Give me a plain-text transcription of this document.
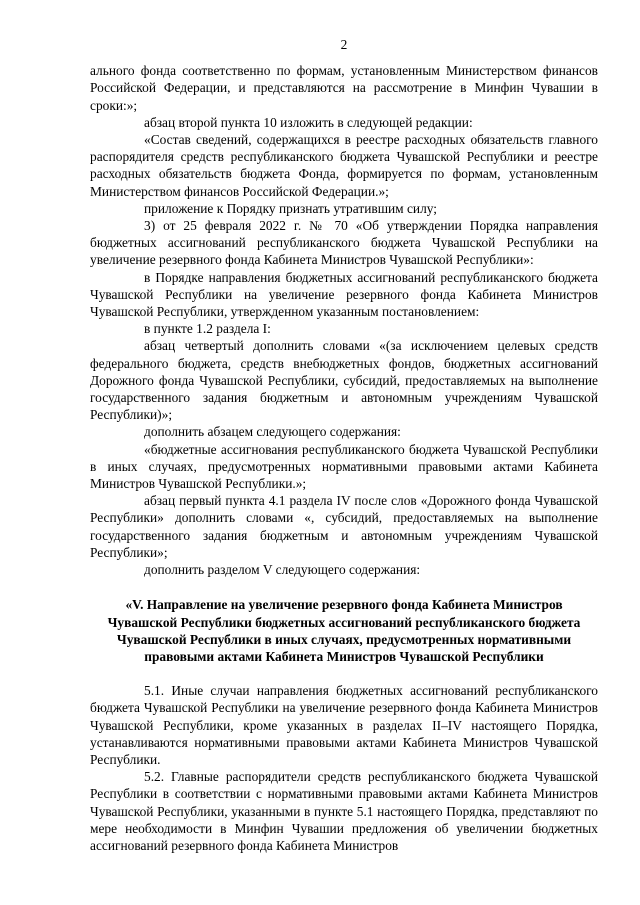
2

ального фонда соответственно по формам, установленным Министерством финансов Российской Федерации, и представляются на рассмотрение в Минфин Чувашии в сроки:»;

абзац второй пункта 10 изложить в следующей редакции:

«Состав сведений, содержащихся в реестре расходных обязательств главного распорядителя средств республиканского бюджета Чувашской Республики и реестре расходных обязательств бюджета Фонда, формируется по формам, установленным Министерством финансов Российской Федерации.»;

приложение к Порядку признать утратившим силу;

3) от 25 февраля 2022 г. № 70 «Об утверждении Порядка направления бюджетных ассигнований республиканского бюджета Чувашской Республики на увеличение резервного фонда Кабинета Министров Чувашской Республики»:

в Порядке направления бюджетных ассигнований республиканского бюджета Чувашской Республики на увеличение резервного фонда Кабинета Министров Чувашской Республики, утвержденном указанным постановлением:

в пункте 1.2 раздела I:

абзац четвертый дополнить словами «(за исключением целевых средств федерального бюджета, средств внебюджетных фондов, бюджетных ассигнований Дорожного фонда Чувашской Республики, субсидий, предоставляемых на выполнение государственного задания бюджетным и автономным учреждениям Чувашской Республики)»;

дополнить абзацем следующего содержания:

«бюджетные ассигнования республиканского бюджета Чувашской Республики в иных случаях, предусмотренных нормативными правовыми актами Кабинета Министров Чувашской Республики.»;

абзац первый пункта 4.1 раздела IV после слов «Дорожного фонда Чувашской Республики» дополнить словами «, субсидий, предоставляемых на выполнение государственного задания бюджетным и автономным учреждениям Чувашской Республики»;

дополнить разделом V следующего содержания:

«V. Направление на увеличение резервного фонда Кабинета Министров Чувашской Республики бюджетных ассигнований республиканского бюджета Чувашской Республики в иных случаях, предусмотренных нормативными правовыми актами Кабинета Министров Чувашской Республики

5.1. Иные случаи направления бюджетных ассигнований республиканского бюджета Чувашской Республики на увеличение резервного фонда Кабинета Министров Чувашской Республики, кроме указанных в разделах II–IV настоящего Порядка, устанавливаются нормативными правовыми актами Кабинета Министров Чувашской Республики.

5.2. Главные распорядители средств республиканского бюджета Чувашской Республики в соответствии с нормативными правовыми актами Кабинета Министров Чувашской Республики, указанными в пункте 5.1 настоящего Порядка, представляют по мере необходимости в Минфин Чувашии предложения об увеличении бюджетных ассигнований резервного фонда Кабинета Министров
